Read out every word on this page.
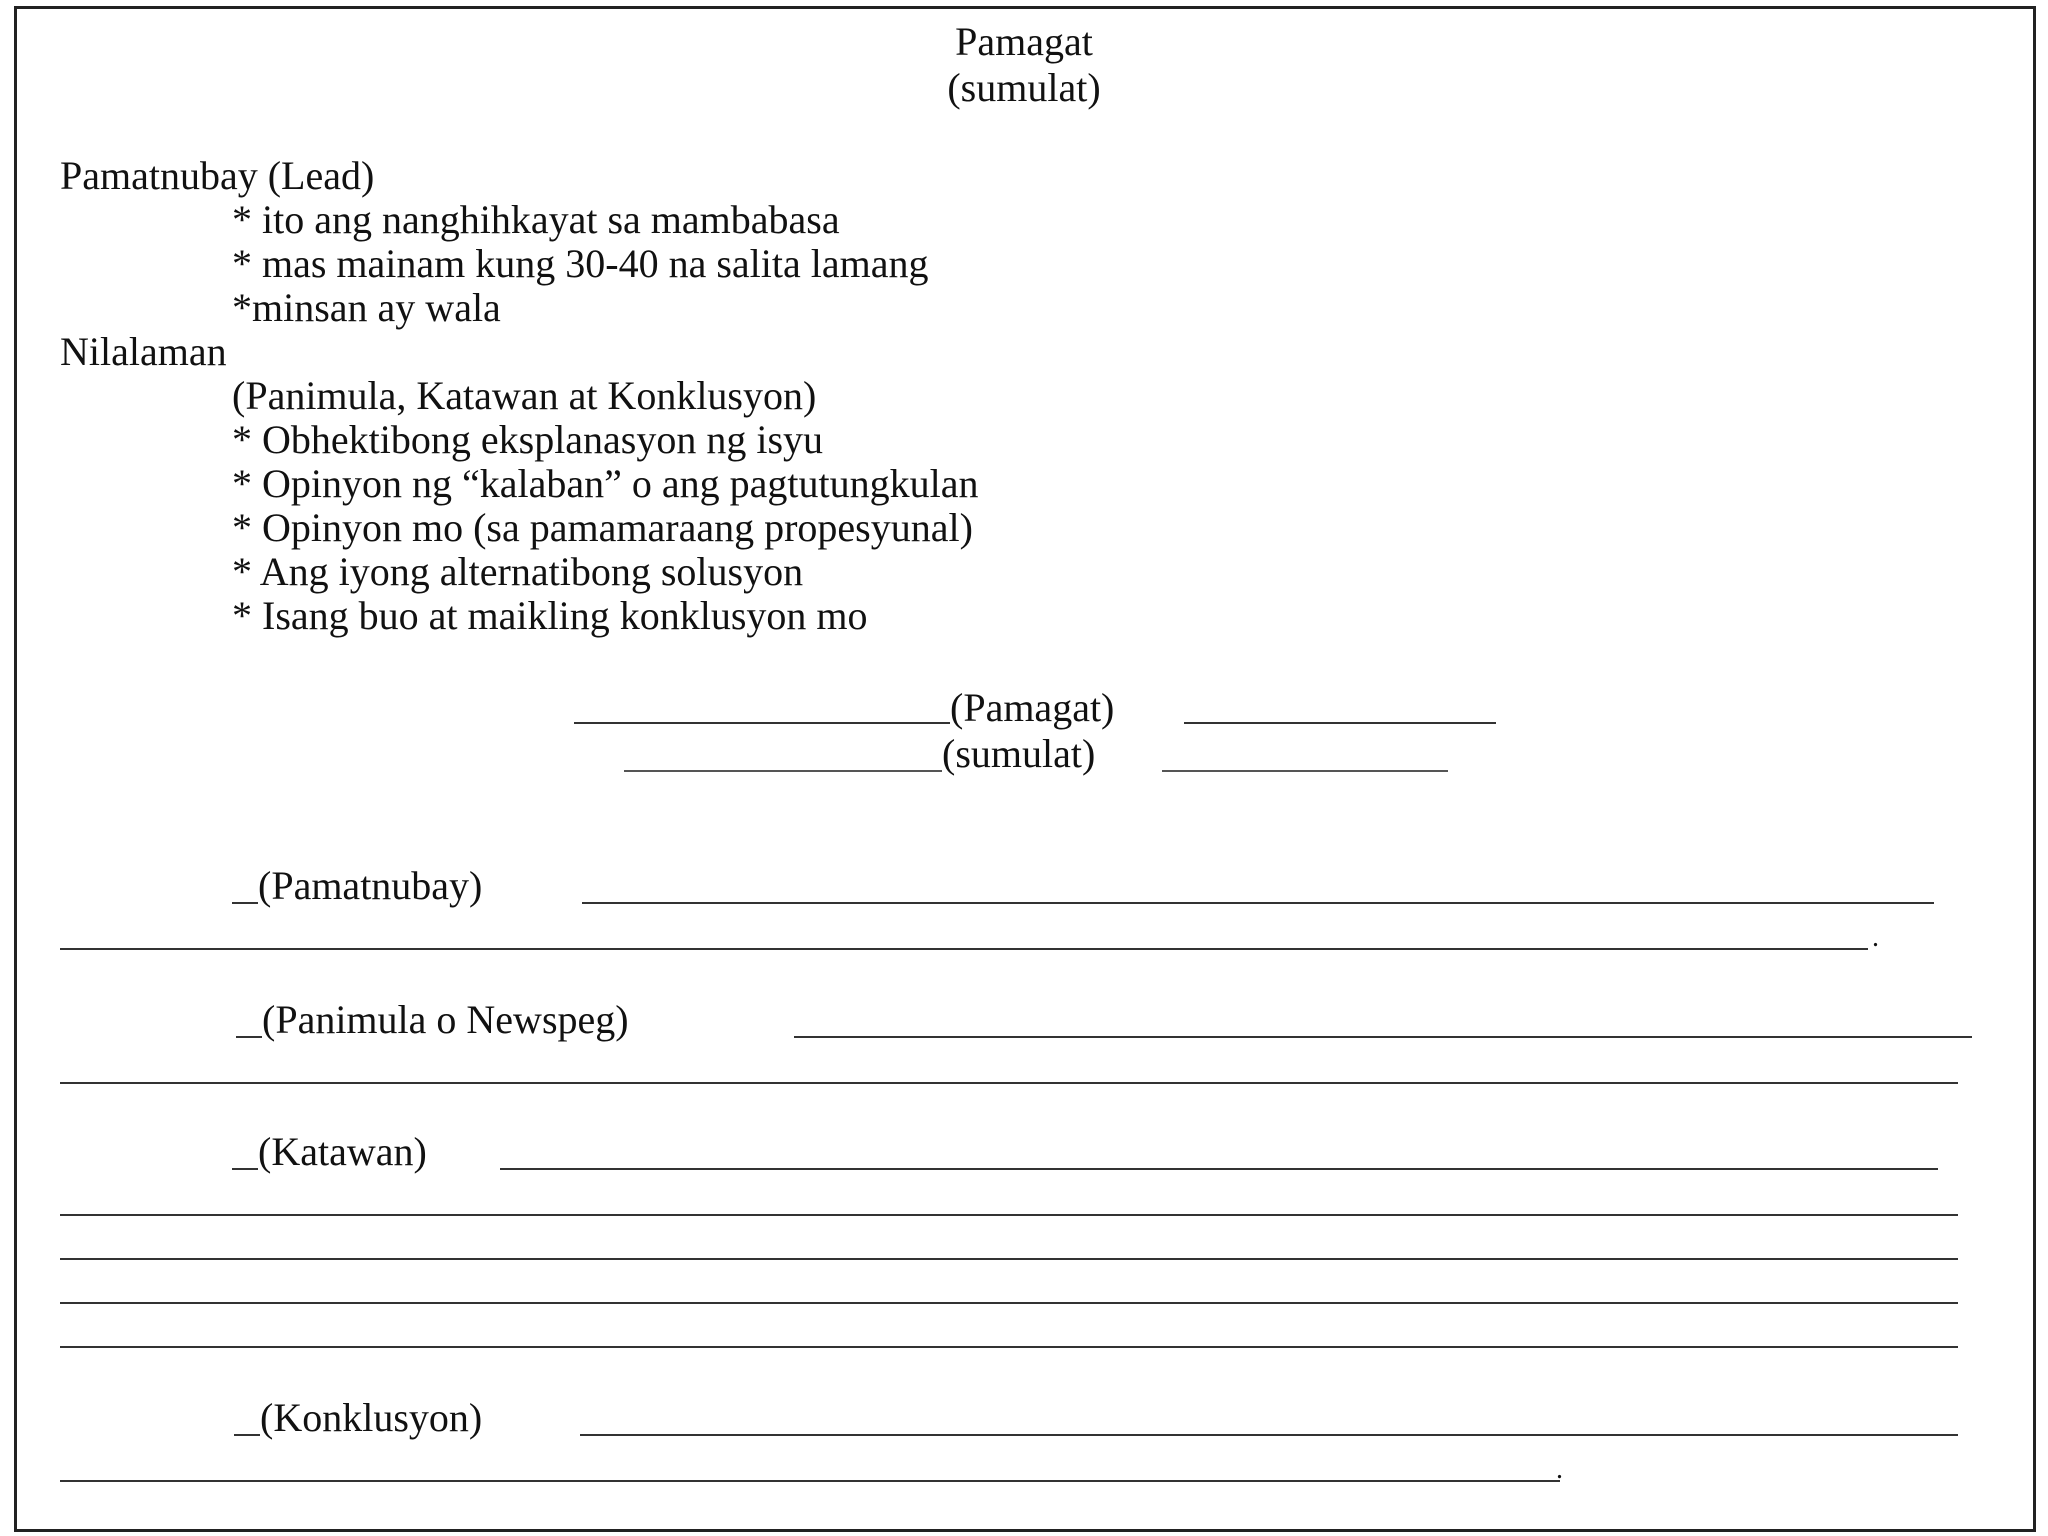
Pamagat
(sumulat)
Pamatnubay (Lead)
* ito ang nanghihkayat sa mambabasa
* mas mainam kung 30-40 na salita lamang
*minsan ay wala
Nilalaman
(Panimula, Katawan at Konklusyon)
* Obhektibong eksplanasyon ng isyu
* Opinyon ng “kalaban” o ang pagtutungkulan
* Opinyon mo (sa pamamaraang propesyunal)
* Ang iyong alternatibong solusyon
* Isang buo at maikling konklusyon mo
(Pamagat)
(sumulat)
(Pamatnubay)
.
(Panimula o Newspeg)
(Katawan)
(Konklusyon)
.
